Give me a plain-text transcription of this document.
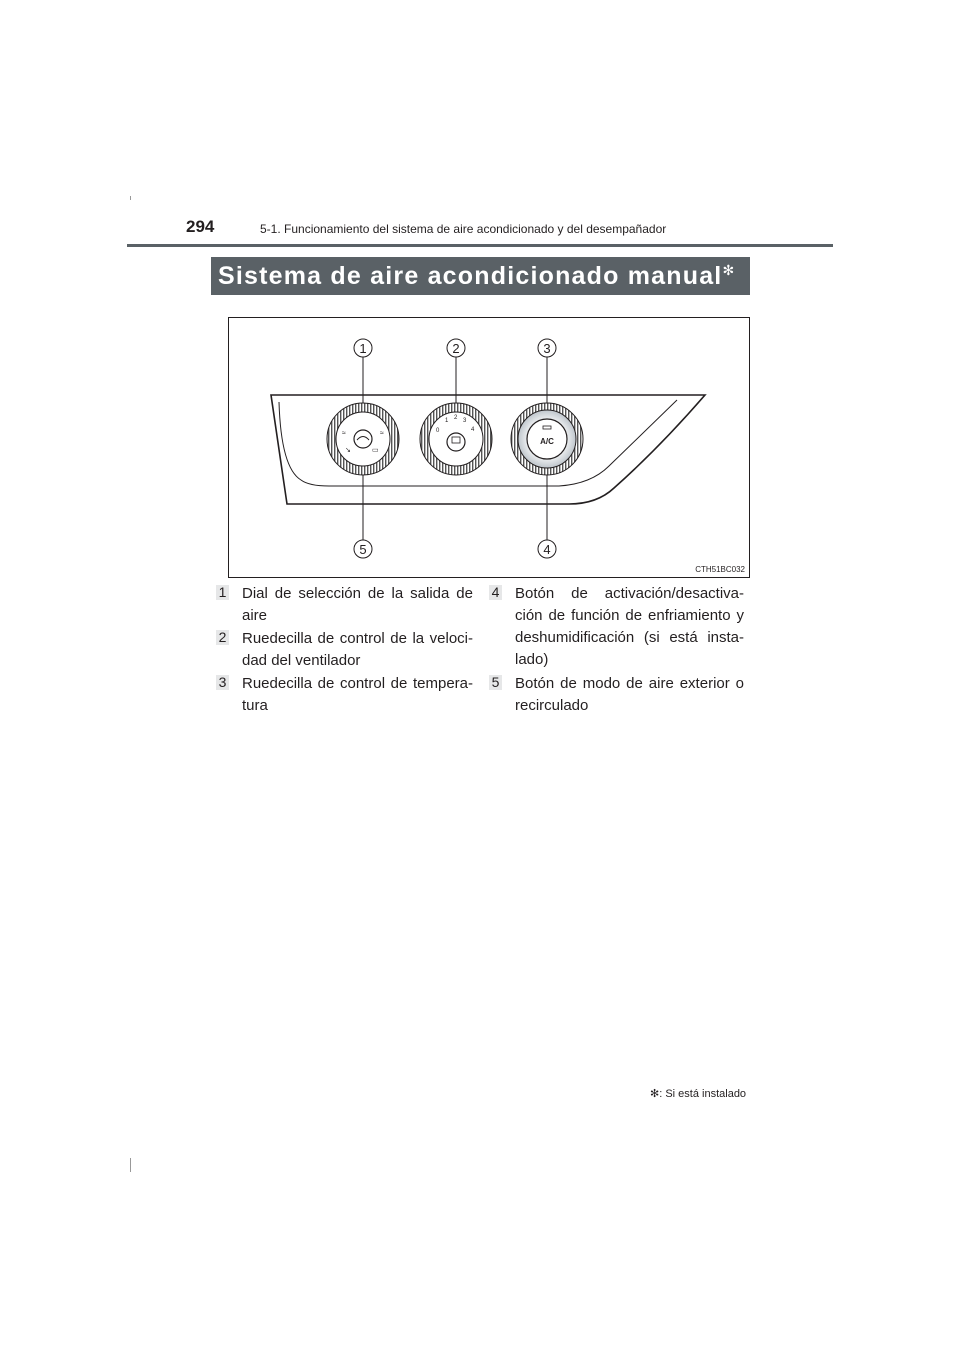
294	5-1. Funcionamiento del sistema de aire acondicionado y del desempañador
Sistema de aire acondicionado manual✻
≈	≈
↘	▭
0
1 2 3
4
A/C
1	2	3
4
5
CTH51BC032
1	Dial de selección de la salida de aire
2	Ruedecilla de control de la veloci-dad del ventilador
3	Ruedecilla de control de tempera-tura
4	Botón de activación/desactiva-ción de función de enfriamiento y deshumidificación (si está insta-lado)
5	Botón de modo de aire exterior o recirculado
✻: Si está instalado
